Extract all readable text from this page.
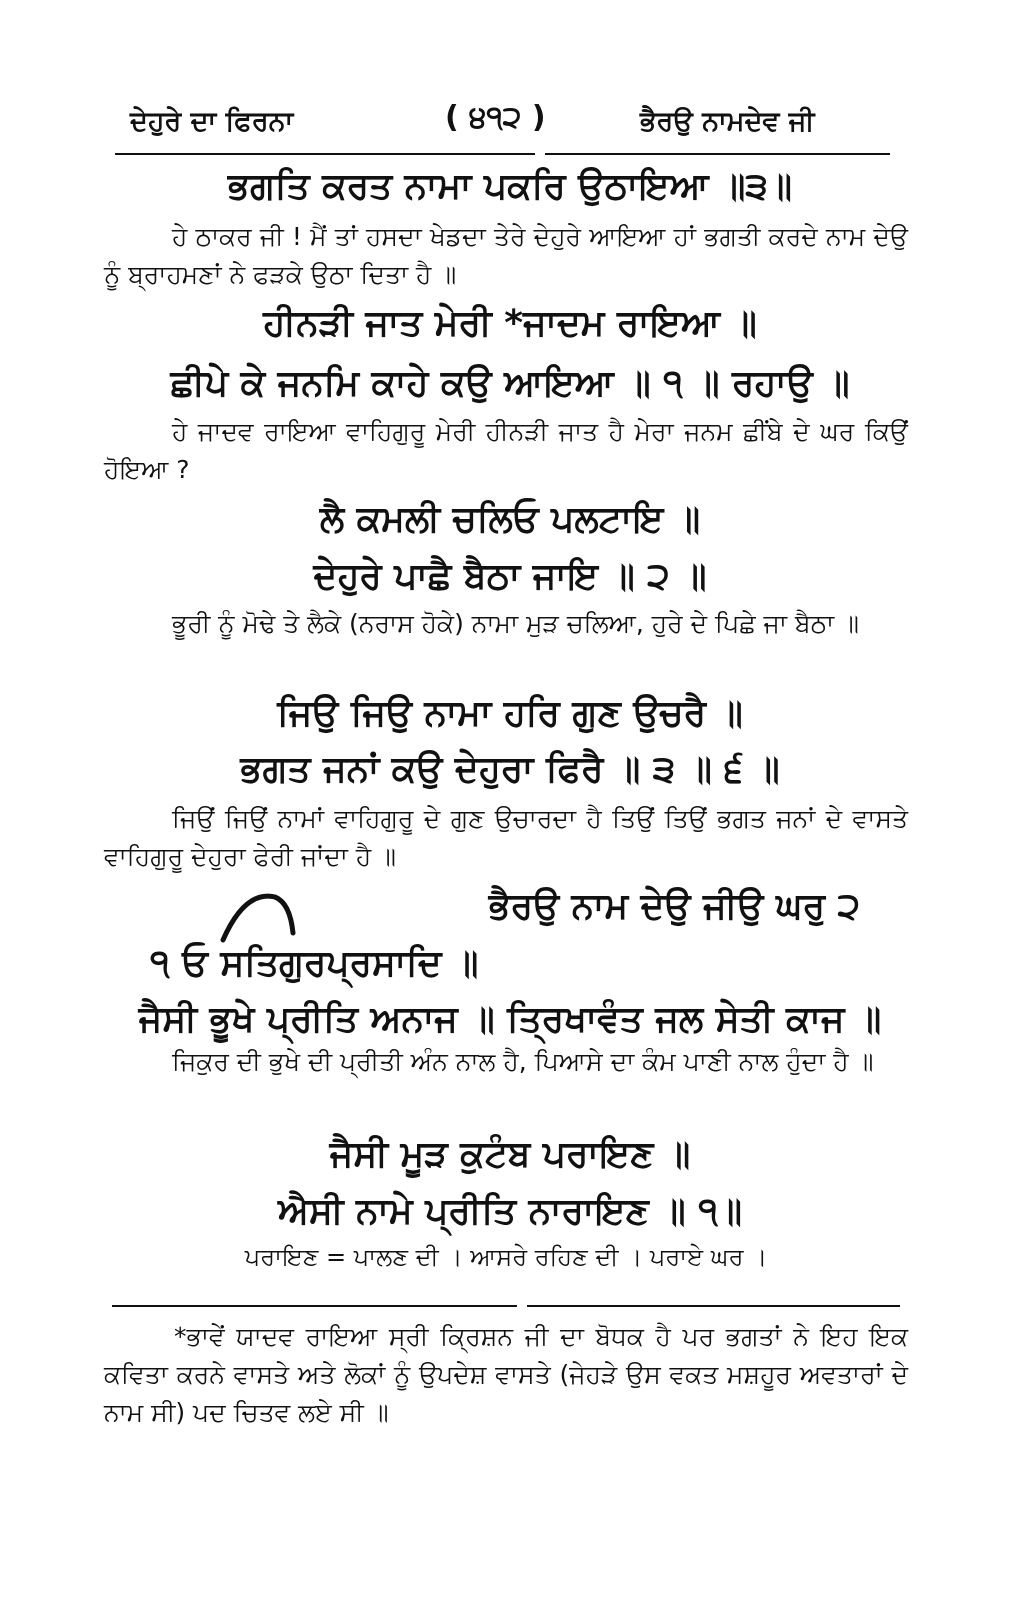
ਦੇਹੁਰੇ ਦਾ ਫਿਰਨਾ	( ੪੧੨ )	ਭੈਰਉ ਨਾਮਦੇਵ ਜੀ
ਭਗਤਿ ਕਰਤ ਨਾਮਾ ਪਕਰਿ ਉਠਾਇਆ ॥੩॥
ਹੇ ਠਾਕਰ ਜੀ ! ਮੈਂ ਤਾਂ ਹਸਦਾ ਖੇਡਦਾ ਤੇਰੇ ਦੇਹੁਰੇ ਆਇਆ ਹਾਂ ਭਗਤੀ ਕਰਦੇ ਨਾਮ ਦੇਉ ਨੂੰ ਬ੍ਰਾਹਮਣਾਂ ਨੇ ਫੜਕੇ ਉਠਾ ਦਿਤਾ ਹੈ ॥
ਹੀਨੜੀ ਜਾਤ ਮੇਰੀ *ਜਾਦਮ ਰਾਇਆ ॥
ਛੀਪੇ ਕੇ ਜਨਮਿ ਕਾਹੇ ਕਉ ਆਇਆ ॥ ੧ ॥ ਰਹਾਉ ॥
ਹੇ ਜਾਦਵ ਰਾਇਆ ਵਾਹਿਗੁਰੂ ਮੇਰੀ ਹੀਨੜੀ ਜਾਤ ਹੈ ਮੇਰਾ ਜਨਮ ਛੀਂਬੇ ਦੇ ਘਰ ਕਿਉਂ ਹੋਇਆ ?
ਲੈ ਕਮਲੀ ਚਲਿਓ ਪਲਟਾਇ ॥
ਦੇਹੁਰੇ ਪਾਛੈ ਬੈਠਾ ਜਾਇ ॥ ੨ ॥
ਭੂਰੀ ਨੂੰ ਮੋਢੇ ਤੇ ਲੈਕੇ (ਨਰਾਸ ਹੋਕੇ) ਨਾਮਾ ਮੁੜ ਚਲਿਆ, ਹੁਰੇ ਦੇ ਪਿਛੇ ਜਾ ਬੈਠਾ ॥
ਜਿਉ ਜਿਉ ਨਾਮਾ ਹਰਿ ਗੁਣ ਉਚਰੈ ॥
ਭਗਤ ਜਨਾਂ ਕਉ ਦੇਹੁਰਾ ਫਿਰੈ ॥ ੩ ॥ ੬ ॥
ਜਿਉਂ ਜਿਉਂ ਨਾਮਾਂ ਵਾਹਿਗੁਰੂ ਦੇ ਗੁਣ ਉਚਾਰਦਾ ਹੈ ਤਿਉਂ ਤਿਉਂ ਭਗਤ ਜਨਾਂ ਦੇ ਵਾਸਤੇ ਵਾਹਿਗੁਰੂ ਦੇਹੁਰਾ ਫੇਰੀ ਜਾਂਦਾ ਹੈ ॥
ਭੈਰਉ ਨਾਮ ਦੇਉ ਜੀਉ ਘਰੁ ੨
੧ ਓ ਸਤਿਗੁਰਪ੍ਰਸਾਦਿ ॥
ਜੈਸੀ ਭੂਖੇ ਪ੍ਰੀਤਿ ਅਨਾਜ ॥ ਤ੍ਰਿਖਾਵੰਤ ਜਲ ਸੇਤੀ ਕਾਜ ॥
ਜਿਕੁਰ ਦੀ ਭੁਖੇ ਦੀ ਪ੍ਰੀਤੀ ਅੰਨ ਨਾਲ ਹੈ, ਪਿਆਸੇ ਦਾ ਕੰਮ ਪਾਣੀ ਨਾਲ ਹੁੰਦਾ ਹੈ ॥
ਜੈਸੀ ਮੂੜ ਕੁਟੰਬ ਪਰਾਇਣ ॥
ਐਸੀ ਨਾਮੇ ਪ੍ਰੀਤਿ ਨਾਰਾਇਣ ॥ ੧॥
ਪਰਾਇਣ = ਪਾਲਣ ਦੀ । ਆਸਰੇ ਰਹਿਣ ਦੀ । ਪਰਾਏ ਘਰ ।
*ਭਾਵੇਂ ਯਾਦਵ ਰਾਇਆ ਸ੍ਰੀ ਕ੍ਰਿਸ਼ਨ ਜੀ ਦਾ ਬੋਧਕ ਹੈ ਪਰ ਭਗਤਾਂ ਨੇ ਇਹ ਇਕ ਕਵਿਤਾ ਕਰਨੇ ਵਾਸਤੇ ਅਤੇ ਲੋਕਾਂ ਨੂੰ ਉਪਦੇਸ਼ ਵਾਸਤੇ (ਜੇਹੜੇ ਉਸ ਵਕਤ ਮਸ਼ਹੂਰ ਅਵਤਾਰਾਂ ਦੇ ਨਾਮ ਸੀ) ਪਦ ਚਿਤਵ ਲਏ ਸੀ ॥
